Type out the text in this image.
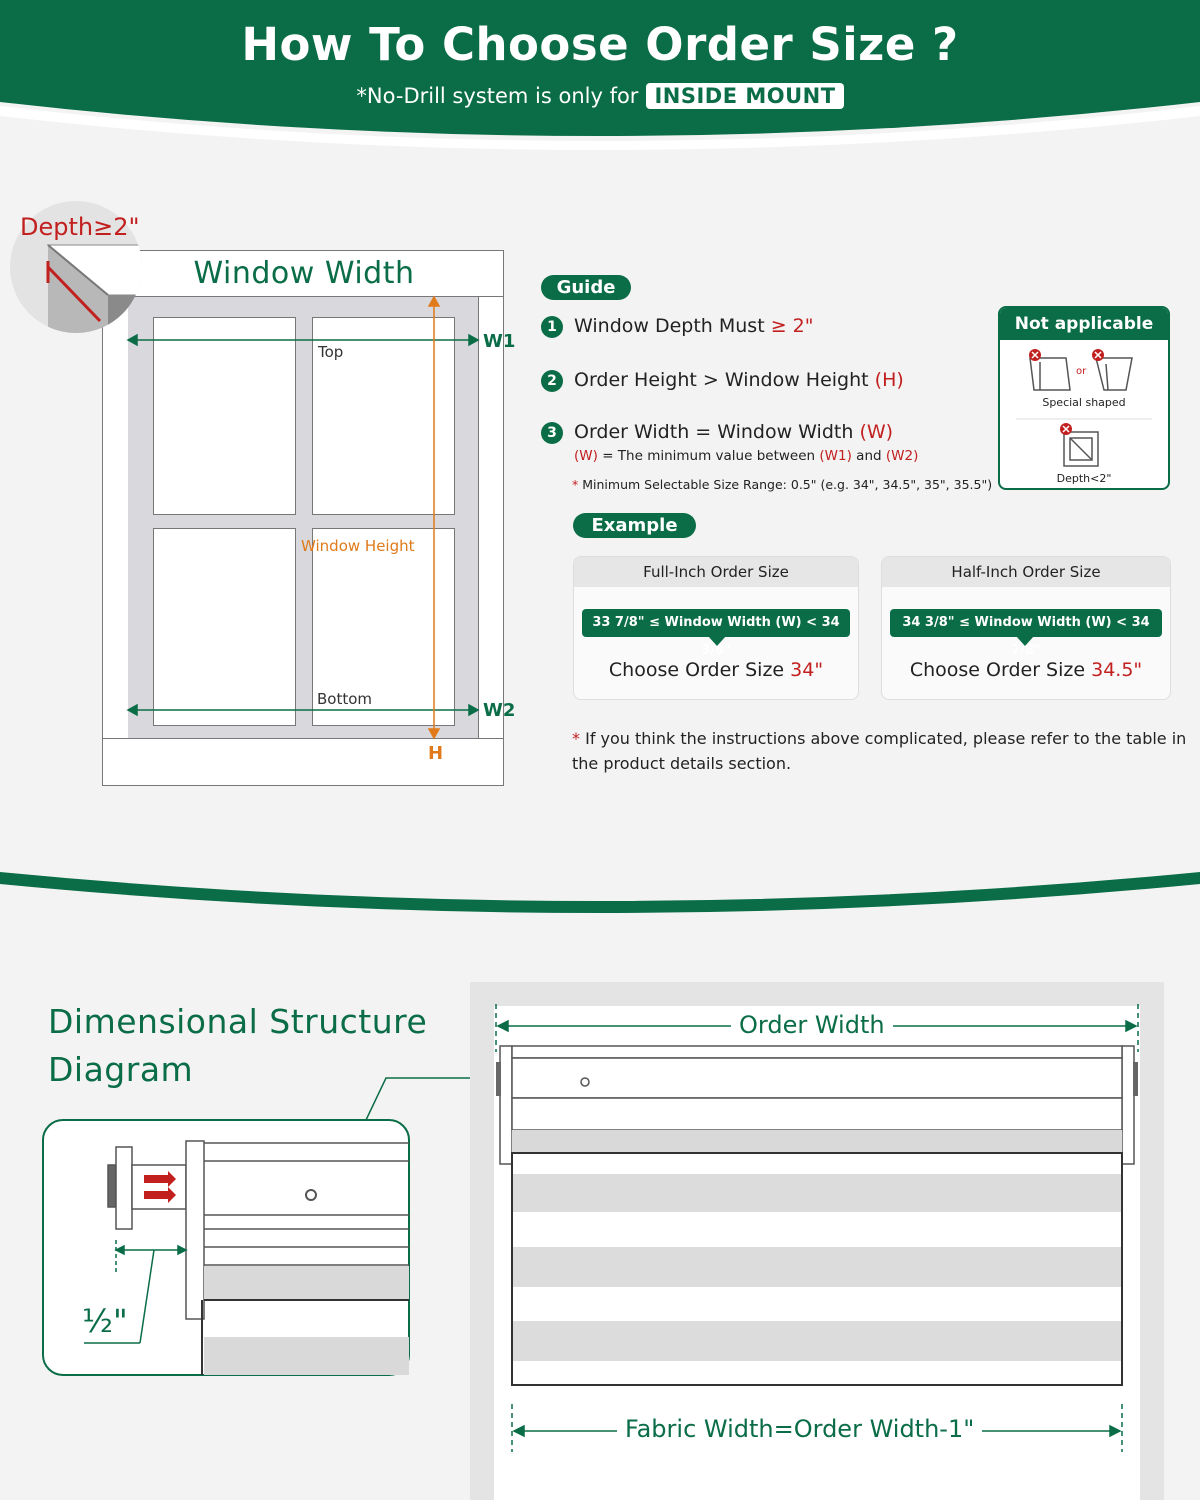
How To Choose Order Size ?
*No-Drill system is only for INSIDE MOUNT
Window Width
Top
Bottom
Window Height
W1
W2
H
Depth≥2"
Guide
1 Window Depth Must ≥ 2"
2 Order Height > Window Height (H)
3 Order Width = Window Width (W)
(W) = The minimum value between (W1) and (W2)
* Minimum Selectable Size Range: 0.5" (e.g. 34", 34.5", 35", 35.5")
Not applicable
or
Special shaped
Depth<2"
Example
Full-Inch Order Size
33 7/8" ≤ Window Width (W) < 34 3/8"
Choose Order Size 34"
Half-Inch Order Size
34 3/8" ≤ Window Width (W) < 34 7/8"
Choose Order Size 34.5"
* If you think the instructions above complicated, please refer to the table in the product details section.
Dimensional Structure
Diagram
½"
Order Width
Fabric Width=Order Width-1"
